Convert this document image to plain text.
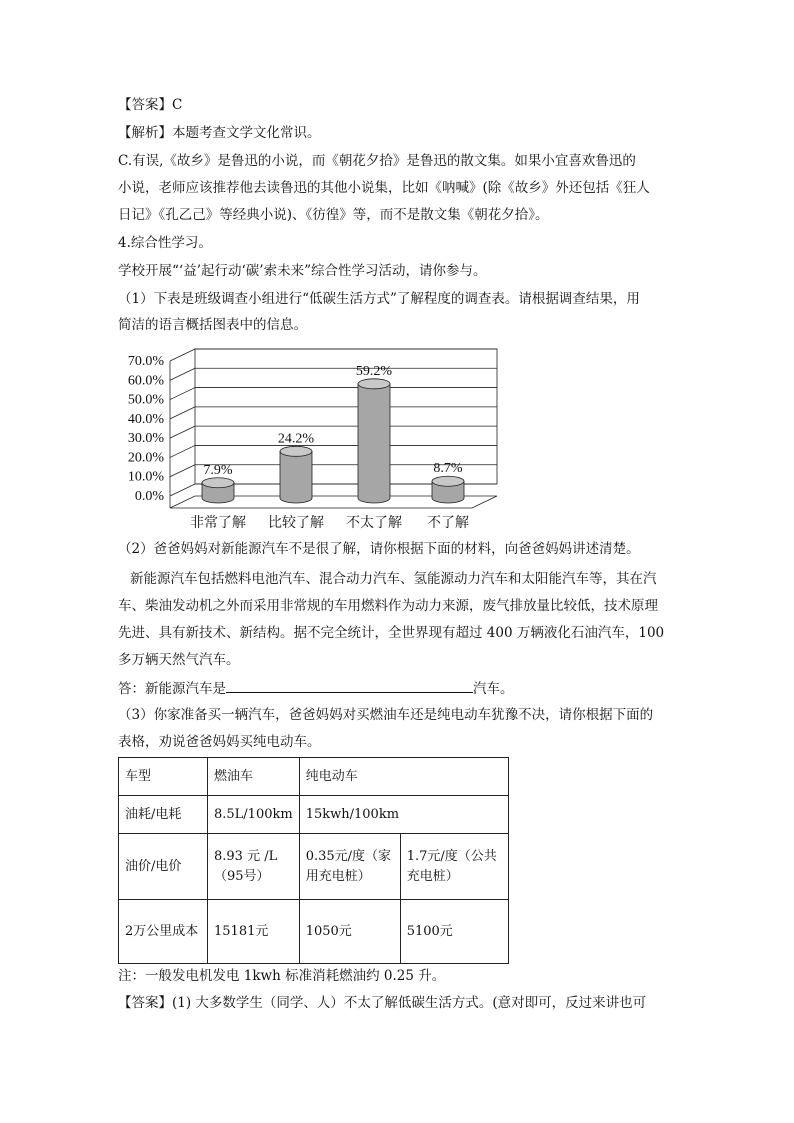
【答案】C
【解析】本题考查文学文化常识。
C.有误,《故乡》是鲁迅的小说，而《朝花夕拾》是鲁迅的散文集。如果小宜喜欢鲁迅的
小说，老师应该推荐他去读鲁迅的其他小说集，比如《呐喊》(除《故乡》外还包括《狂人
日记》《孔乙己》等经典小说)、《彷徨》等，而不是散文集《朝花夕拾》。
4.综合性学习。
学校开展“‘益’起行动‘碳’索未来”综合性学习活动，请你参与。
（1）下表是班级调查小组进行“低碳生活方式”了解程度的调查表。请根据调查结果，用
简洁的语言概括图表中的信息。
0.0%
10.0%
20.0%
30.0%
40.0%
50.0%
60.0%
70.0%
7.9%
非常了解
24.2%
比较了解
59.2%
不太了解
8.7%
不了解
（2）爸爸妈妈对新能源汽车不是很了解，请你根据下面的材料，向爸爸妈妈讲述清楚。
新能源汽车包括燃料电池汽车、混合动力汽车、氢能源动力汽车和太阳能汽车等，其在汽
车、柴油发动机之外而采用非常规的车用燃料作为动力来源，废气排放量比较低，技术原理
先进、具有新技术、新结构。据不完全统计，全世界现有超过 400 万辆液化石油汽车，100
多万辆天然气汽车。
答：新能源汽车是	汽车。
（3）你家准备买一辆汽车，爸爸妈妈对买燃油车还是纯电动车犹豫不决，请你根据下面的
表格，劝说爸爸妈妈买纯电动车。
车型	燃油车	纯电动车	
油耗/电耗	8.5L/100km	15kwh/100km	
油价/电价	8.93 元 /L （95号）	0.35元/度（家用充电桩）	1.7元/度（公共充电桩）
2万公里成本	15181元	1050元	5100元
注：一般发电机发电 1kwh 标准消耗燃油约 0.25 升。
【答案】(1) 大多数学生（同学、人）不太了解低碳生活方式。(意对即可，反过来讲也可
